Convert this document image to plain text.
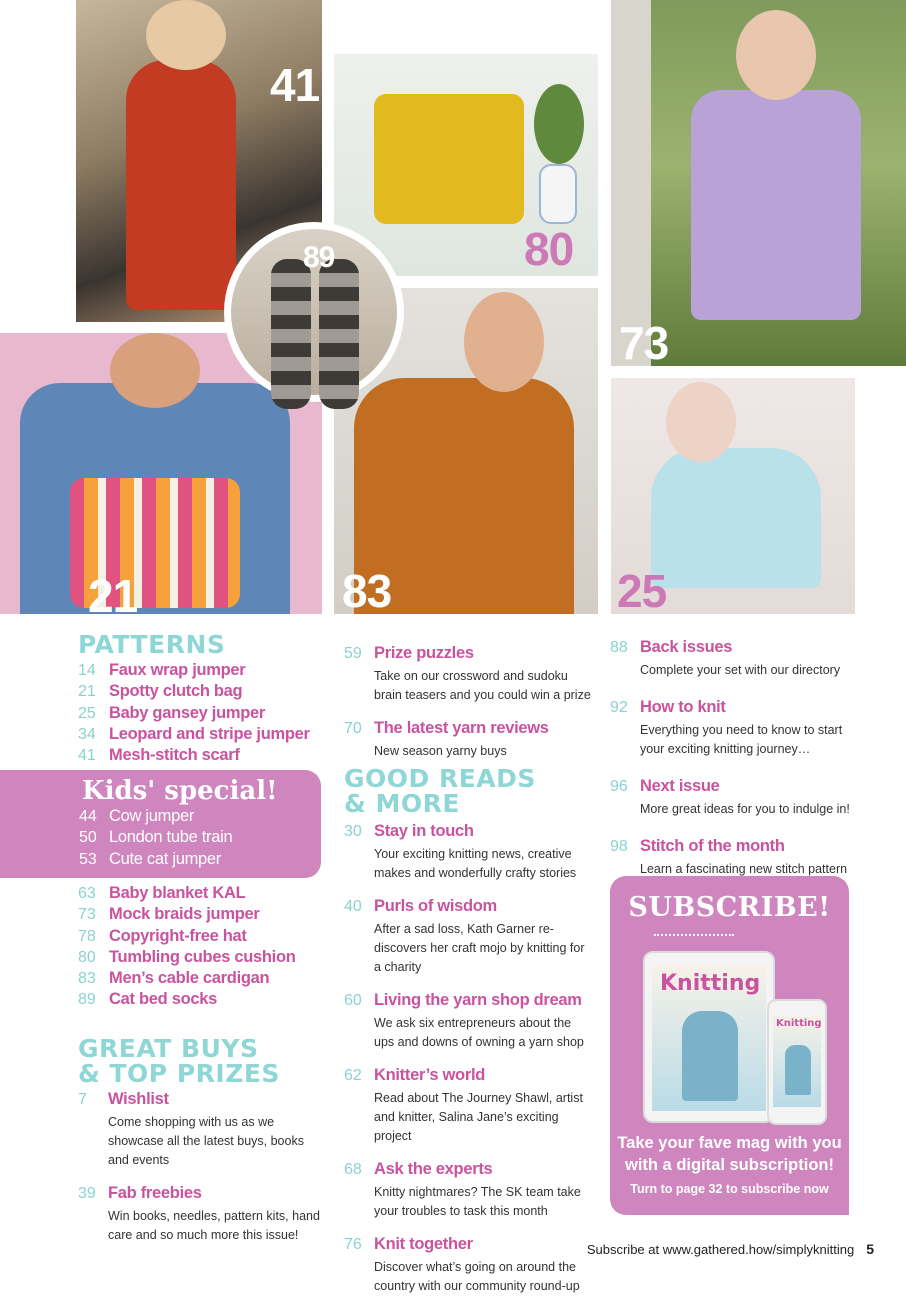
41
80
73
21	83	25
89
PATTERNS
14 Faux wrap jumper
21 Spotty clutch bag
25 Baby gansey jumper
34 Leopard and stripe jumper
41 Mesh-stitch scarf
Kids' special!
44 Cow jumper
50 London tube train
53 Cute cat jumper
63 Baby blanket KAL
73 Mock braids jumper
78 Copyright-free hat
80 Tumbling cubes cushion
83 Men’s cable cardigan
89 Cat bed socks
GREAT BUYS
& TOP PRIZES
7	Wishlist
Come shopping with us as we showcase all the latest buys, books and events
39 Fab freebies
Win books, needles, pattern kits, hand care and so much more this issue!
59 Prize puzzles
Take on our crossword and sudoku brain teasers and you could win a prize
70 The latest yarn reviews
New season yarny buys
GOOD READS
& MORE
30 Stay in touch
Your exciting knitting news, creative makes and wonderfully crafty stories
40 Purls of wisdom
After a sad loss, Kath Garner re-discovers her craft mojo by knitting for a charity
60 Living the yarn shop dream
We ask six entrepreneurs about the ups and downs of owning a yarn shop
62 Knitter’s world
Read about The Journey Shawl, artist and knitter, Salina Jane’s exciting project
68 Ask the experts
Knitty nightmares? The SK team take your troubles to task this month
76 Knit together
Discover what’s going on around the country with our community round-up
88 Back issues
Complete your set with our directory
92 How to knit
Everything you need to know to start your exciting knitting journey…
96 Next issue
More great ideas for you to indulge in!
98 Stitch of the month
Learn a fascinating new stitch pattern
SUBSCRIBE!
Knitting
Knitting
Take your fave mag with you with a digital subscription!
Turn to page 32 to subscribe now
Subscribe at www.gathered.how/simplyknitting 5
